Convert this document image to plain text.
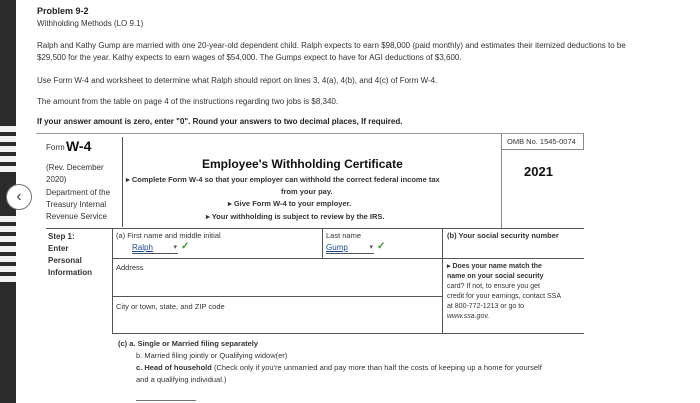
‹
Problem 9-2
Withholding Methods (LO 9.1)
Ralph and Kathy Gump are married with one 20-year-old dependent child. Ralph expects to earn $98,000 (paid monthly) and estimates their itemized deductions to be
$29,500 for the year. Kathy expects to earn wages of $54,000. The Gumps expect to have for AGI deductions of $3,600.
Use Form W-4 and worksheet to determine what Ralph should report on lines 3, 4(a), 4(b), and 4(c) of Form W-4.
The amount from the table on page 4 of the instructions regarding two jobs is $8,340.
If your answer amount is zero, enter "0". Round your answers to two decimal places, If required.
Form W-4
(Rev. December
2020)
Department of the
Treasury Internal
Revenue Service
Employee's Withholding Certificate
▸ Complete Form W-4 so that your employer can withhold the correct federal income tax
from your pay.
▸ Give Form W-4 to your employer.
▸ Your withholding is subject to review by the IRS.
OMB No. 1545-0074
2021
Step 1:
Enter
Personal
Information
(a) First name and middle initial
Ralph	▾ ✓
Last name
Gump	▾ ✓
(b) Your social security number
Address
City or town, state, and ZIP code
▸ Does your name match the
name on your social security
card? If not, to ensure you get
credit for your earnings, contact SSA
at 800-772-1213 or go to
www.ssa.gov.
(c) a. Single or Married filing separately
b. Married filing jointly or Qualifying widow(er)
c. Head of household (Check only if you're unmarried and pay more than half the costs of keeping up a home for yourself
and a qualifying individual.)
